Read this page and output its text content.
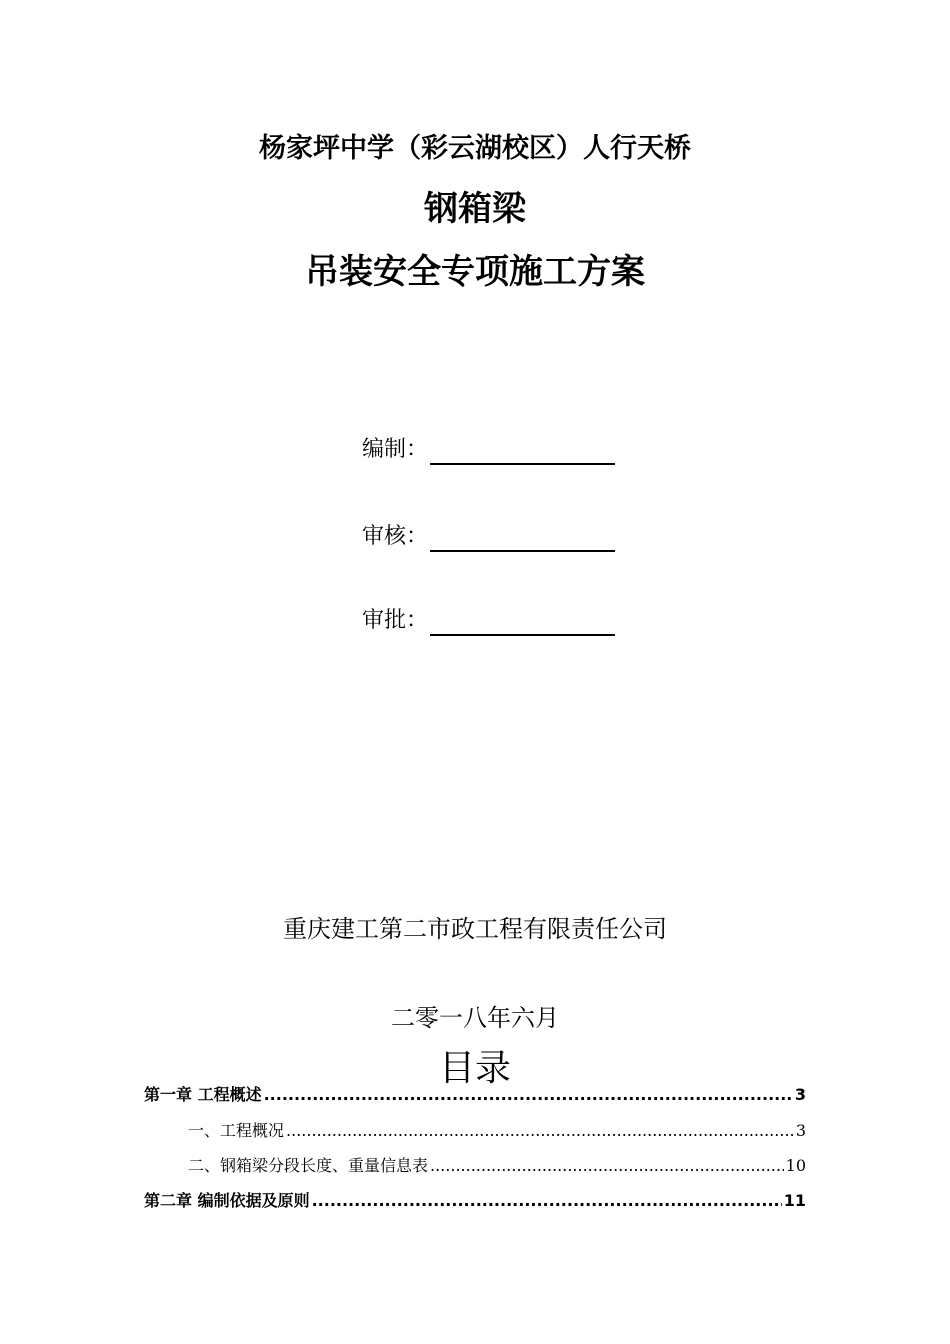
杨家坪中学（彩云湖校区）人行天桥
钢箱梁
吊装安全专项施工方案
编制：
审核：
审批：
重庆建工第二市政工程有限责任公司
二零一八年六月
目录
第一章 工程概述 .....	3
一、工程概况 .....	3
二、钢箱梁分段长度、重量信息表 .....	10
第二章 编制依据及原则 .....	11
